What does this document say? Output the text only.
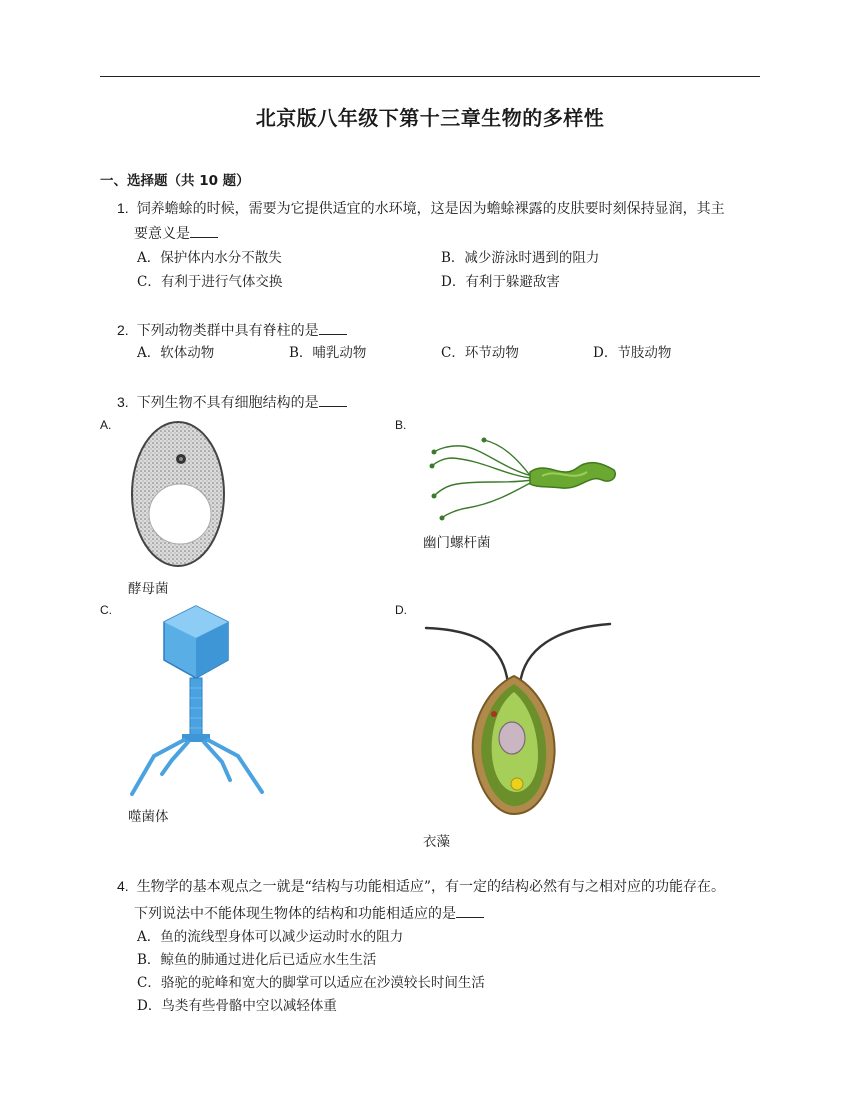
北京版八年级下第十三章生物的多样性
一、选择题（共 10 题）
1. 饲养蟾蜍的时候，需要为它提供适宜的水环境，这是因为蟾蜍裸露的皮肤要时刻保持显润，其主
要意义是
A．保护体内水分不散失	B．减少游泳时遇到的阻力
C．有利于进行气体交换	D．有利于躲避敌害
2. 下列动物类群中具有脊柱的是
A．软体动物	B．哺乳动物	C．环节动物	D．节肢动物
3. 下列生物不具有细胞结构的是
A.
酵母菌
B.
幽门螺杆菌
C.
噬菌体
D.
衣藻
4. 生物学的基本观点之一就是“结构与功能相适应”，有一定的结构必然有与之相对应的功能存在。
下列说法中不能体现生物体的结构和功能相适应的是
A．鱼的流线型身体可以减少运动时水的阻力
B．鲸鱼的肺通过进化后已适应水生生活
C．骆驼的驼峰和宽大的脚掌可以适应在沙漠较长时间生活
D．鸟类有些骨骼中空以减轻体重
